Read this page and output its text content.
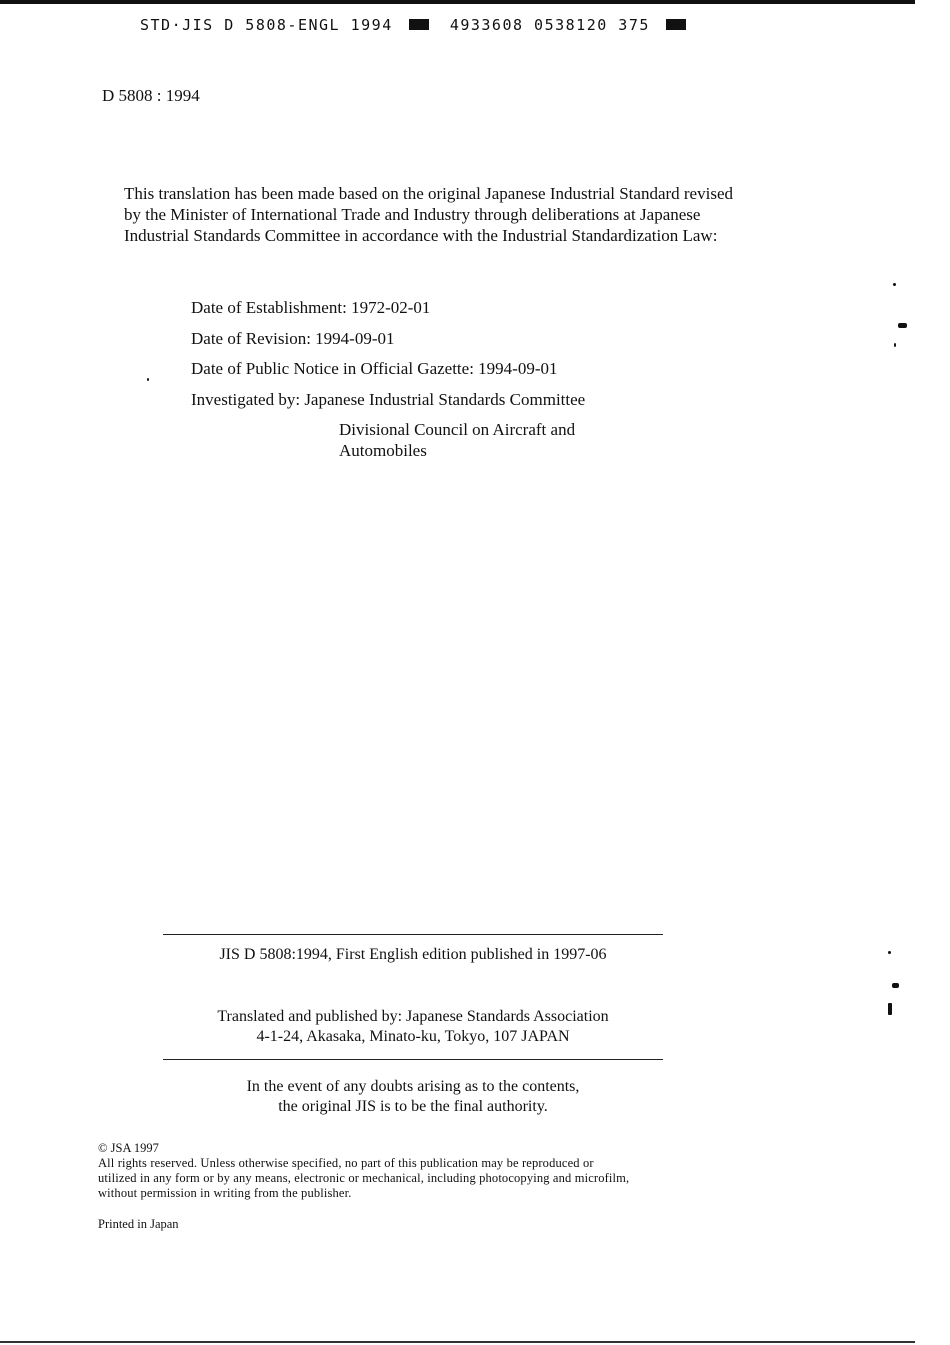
STD·JIS D 5808-ENGL 1994	4933608 0538120 375
D 5808 : 1994
This translation has been made based on the original Japanese Industrial Standard revised by the Minister of International Trade and Industry through deliberations at Japanese Industrial Standards Committee in accordance with the Industrial Standardization Law:
Date of Establishment: 1972-02-01
Date of Revision: 1994-09-01
Date of Public Notice in Official Gazette: 1994-09-01
Investigated by: Japanese Industrial Standards Committee
Divisional Council on Aircraft and
Automobiles
JIS D 5808:1994, First English edition published in 1997-06
Translated and published by: Japanese Standards Association
4-1-24, Akasaka, Minato-ku, Tokyo, 107 JAPAN
In the event of any doubts arising as to the contents,
the original JIS is to be the final authority.
© JSA 1997
All rights reserved. Unless otherwise specified, no part of this publication may be reproduced or
utilized in any form or by any means, electronic or mechanical, including photocopying and microfilm,
without permission in writing from the publisher.
Printed in Japan
